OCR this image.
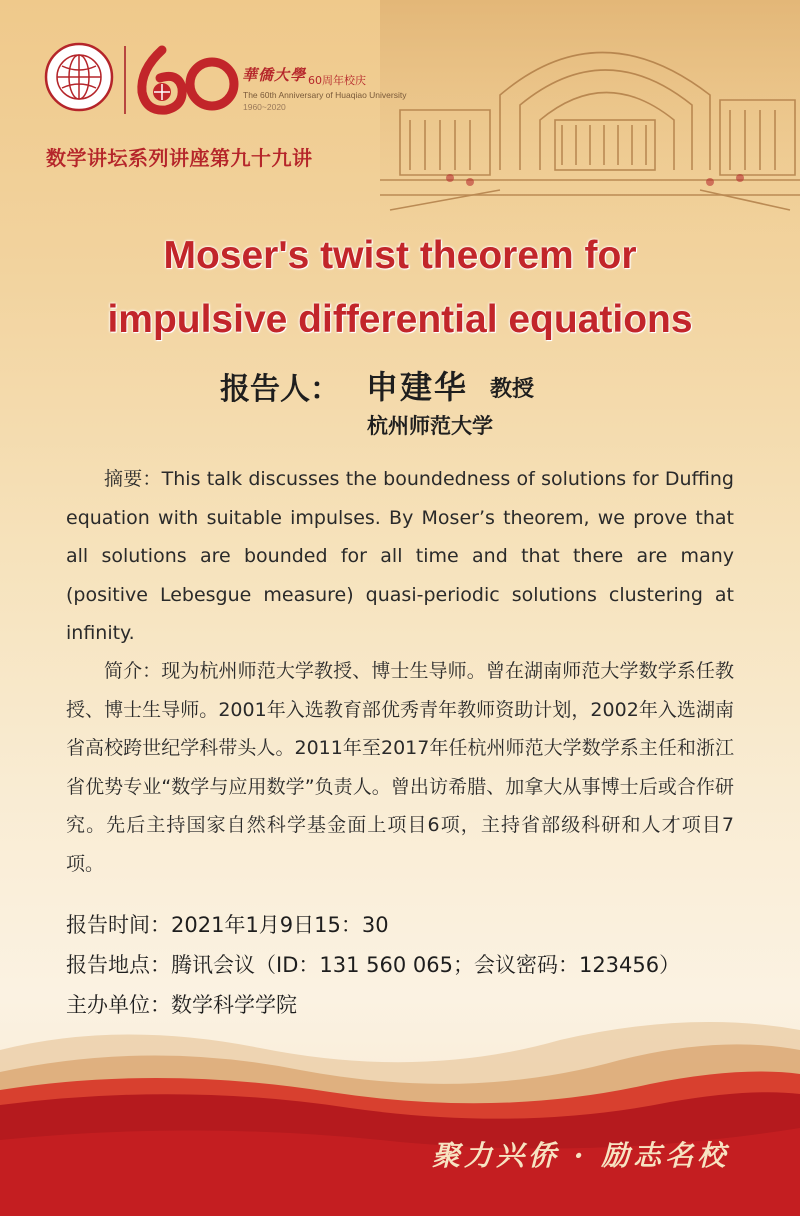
華僑大學 60周年校庆
The 60th Anniversary of Huaqiao University
1960~2020
数学讲坛系列讲座第九十九讲
Moser's twist theorem for
impulsive differential equations
报告人： 申建华 教授
杭州师范大学
摘要：This talk discusses the boundedness of solutions for Duffing equation with suitable impulses. By Moser’s theorem, we prove that all solutions are bounded for all time and that there are many (positive Lebesgue measure) quasi-periodic solutions clustering at infinity.
简介：现为杭州师范大学教授、博士生导师。曾在湖南师范大学数学系任教授、博士生导师。2001年入选教育部优秀青年教师资助计划，2002年入选湖南省高校跨世纪学科带头人。2011年至2017年任杭州师范大学数学系主任和浙江省优势专业“数学与应用数学”负责人。曾出访希腊、加拿大从事博士后或合作研究。先后主持国家自然科学基金面上项目6项，主持省部级科研和人才项目7项。
报告时间：2021年1月9日15：30
报告地点：腾讯会议（ID：131 560 065；会议密码：123456）
主办单位：数学科学学院
聚力兴侨 · 励志名校
